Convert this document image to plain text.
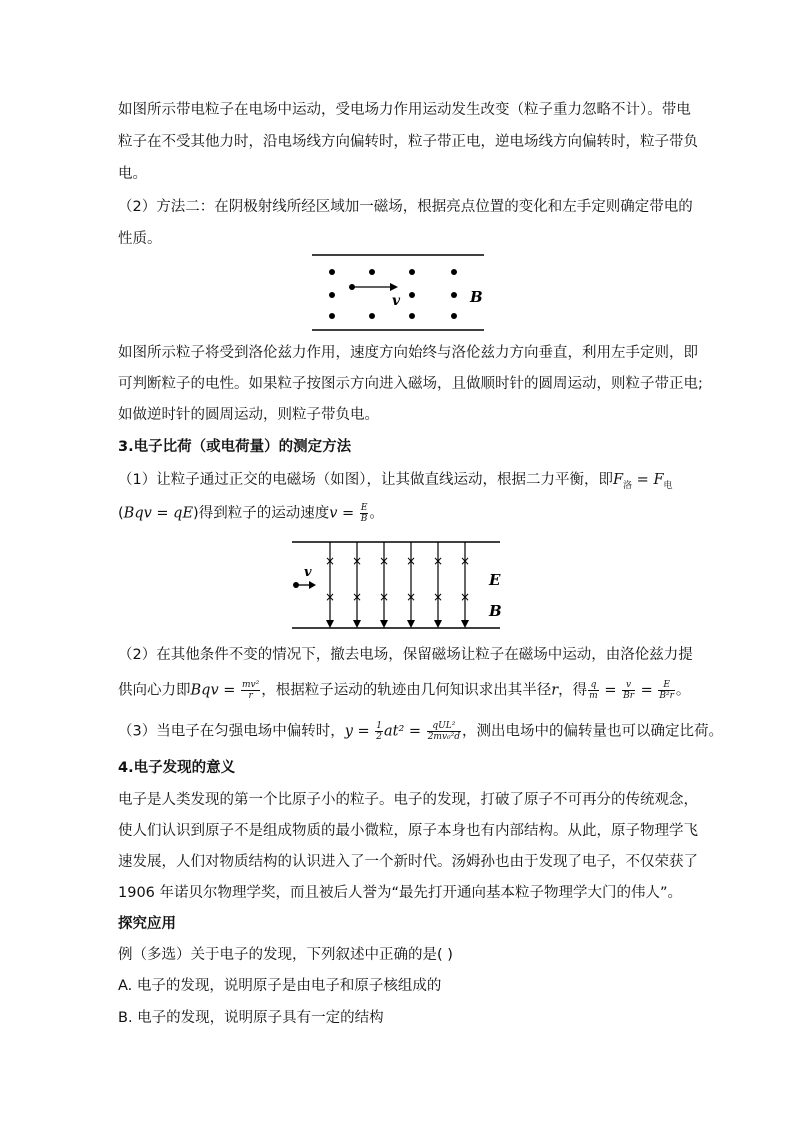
如图所示带电粒子在电场中运动，受电场力作用运动发生改变（粒子重力忽略不计）。带电
粒子在不受其他力时，沿电场线方向偏转时，粒子带正电，逆电场线方向偏转时，粒子带负
电。
（2）方法二：在阴极射线所经区域加一磁场，根据亮点位置的变化和左手定则确定带电的
性质。
v	B
如图所示粒子将受到洛伦兹力作用，速度方向始终与洛伦兹力方向垂直，利用左手定则，即
可判断粒子的电性。如果粒子按图示方向进入磁场，且做顺时针的圆周运动，则粒子带正电;
如做逆时针的圆周运动，则粒子带负电。
3.电子比荷（或电荷量）的测定方法
（1）让粒子通过正交的电磁场（如图），让其做直线运动，根据二力平衡，即$F_洛 = F_电$
(Bqv = qE)得到粒子的运动速度$v = \frac{E}{B}$ 。
× × × × × ×
× × × × × ×
v	E
B
（2）在其他条件不变的情况下，撤去电场，保留磁场让粒子在磁场中运动，由洛伦兹力提
供向心力即Bqv = $\frac{\text{mv²}}{r}$ ，根据粒子运动的轨迹由几何知识求出其半径r，得 $\frac{q}{m} = \frac{v}{Br} = \frac{E}{\text{B²r}}$ 。
（3）当电子在匀强电场中偏转时，$y = \frac{1}{2} at^2 = \frac{\text{qUL²}}{\text{2mv₀²d}}$ ，测出电场中的偏转量也可以确定比荷。
4.电子发现的意义
电子是人类发现的第一个比原子小的粒子。电子的发现，打破了原子不可再分的传统观念，
使人们认识到原子不是组成物质的最小微粒，原子本身也有内部结构。从此，原子物理学飞
速发展，人们对物质结构的认识进入了一个新时代。汤姆孙也由于发现了电子，不仅荣获了
1906 年诺贝尔物理学奖，而且被后人誉为“最先打开通向基本粒子物理学大门的伟人”。
探究应用
例（多选）关于电子的发现，下列叙述中正确的是( )
A. 电子的发现，说明原子是由电子和原子核组成的
B. 电子的发现，说明原子具有一定的结构
